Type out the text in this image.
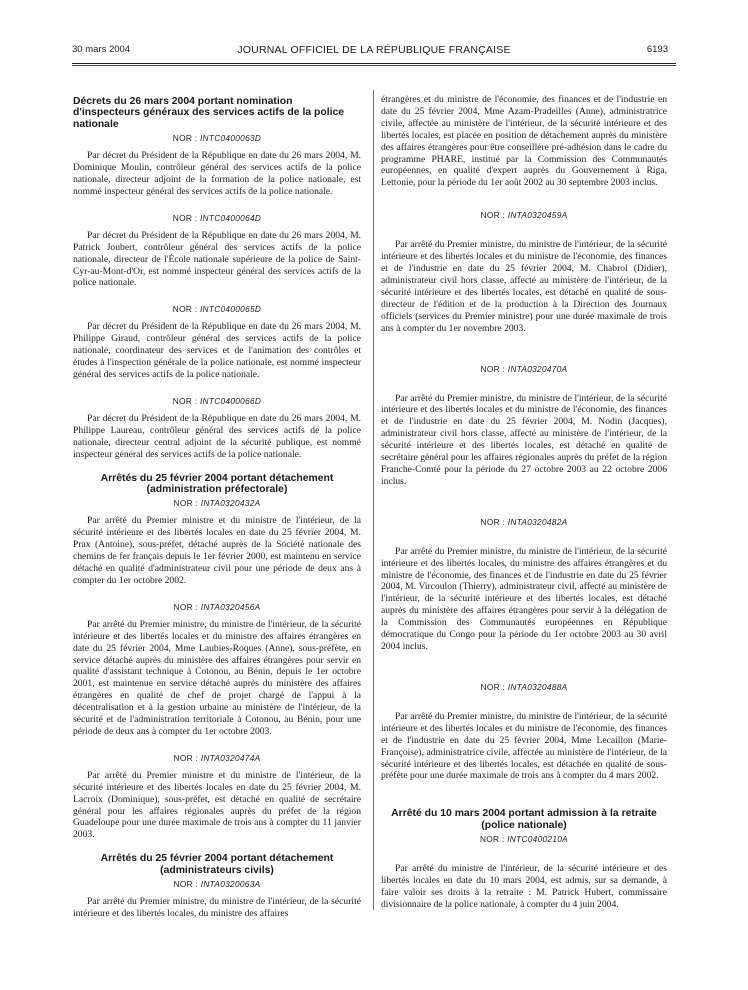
30 mars 2004	JOURNAL OFFICIEL DE LA RÉPUBLIQUE FRANÇAISE	6193

Décrets du 26 mars 2004 portant nomination d'inspecteurs généraux des services actifs de la police nationale

NOR : INTC0400063D

Par décret du Président de la République en date du 26 mars 2004, M. Dominique Moulin, contrôleur général des services actifs de la police nationale, directeur adjoint de la formation de la police nationale, est nommé inspecteur général des services actifs de la police nationale.

NOR : INTC0400064D

Par décret du Président de la République en date du 26 mars 2004, M. Patrick Joubert, contrôleur général des services actifs de la police nationale, directeur de l'École nationale supérieure de la police de Saint-Cyr-au-Mont-d'Or, est nommé inspecteur général des services actifs de la police nationale.

NOR : INTC0400065D

Par décret du Président de la République en date du 26 mars 2004, M. Philippe Giraud, contrôleur général des services actifs de la police nationale, coordinateur des services et de l'animation des contrôles et études à l'inspection générale de la police nationale, est nommé inspecteur général des services actifs de la police nationale.

NOR : INTC0400066D

Par décret du Président de la République en date du 26 mars 2004, M. Philippe Laureau, contrôleur général des services actifs de la police nationale, directeur central adjoint de la sécurité publique, est nommé inspecteur général des services actifs de la police nationale.

Arrêtés du 25 février 2004 portant détachement

(administration préfectorale)

NOR : INTA0320432A

Par arrêté du Premier ministre et du ministre de l'intérieur, de la sécurité intérieure et des libertés locales en date du 25 février 2004, M. Prax (Antoine), sous-préfet, détaché auprès de la Société nationale des chemins de fer français depuis le 1er février 2000, est maintenu en service détaché en qualité d'administrateur civil pour une période de deux ans à compter du 1er octobre 2002.

NOR : INTA0320456A

Par arrêté du Premier ministre, du ministre de l'intérieur, de la sécurité intérieure et des libertés locales et du ministre des affaires étrangères en date du 25 février 2004, Mme Laubies-Roques (Anne), sous-préfète, en service détaché auprès du ministère des affaires étrangères pour servir en qualité d'assistant technique à Cotonou, au Bénin, depuis le 1er octobre 2001, est maintenue en service détaché auprès du ministère des affaires étrangères en qualité de chef de projet chargé de l'appui à la décentralisation et à la gestion urbaine au ministère de l'intérieur, de la sécurité et de l'administration territoriale à Cotonou, au Bénin, pour une période de deux ans à compter du 1er octobre 2003.

NOR : INTA0320474A

Par arrêté du Premier ministre et du ministre de l'intérieur, de la sécurité intérieure et des libertés locales en date du 25 février 2004, M. Lacroix (Dominique), sous-préfet, est détaché en qualité de secrétaire général pour les affaires régionales auprès du préfet de la région Guadeloupe pour une durée maximale de trois ans à compter du 11 janvier 2003.

Arrêtés du 25 février 2004 portant détachement

(administrateurs civils)

NOR : INTA0320063A

Par arrêté du Premier ministre, du ministre de l'intérieur, de la sécurité intérieure et des libertés locales, du ministre des affaires

étrangères et du ministre de l'économie, des finances et de l'industrie en date du 25 février 2004, Mme Azam-Pradeilles (Anne), administratrice civile, affectée au ministère de l'intérieur, de la sécurité intérieure et des libertés locales, est placée en position de détachement auprès du ministère des affaires étrangères pour être conseillère pré-adhésion dans le cadre du programme PHARE, institué par la Commission des Communautés européennes, en qualité d'expert auprès du Gouvernement à Riga, Lettonie, pour la période du 1er août 2002 au 30 septembre 2003 inclus.

NOR : INTA0320459A

Par arrêté du Premier ministre, du ministre de l'intérieur, de la sécurité intérieure et des libertés locales et du ministre de l'économie, des finances et de l'industrie en date du 25 février 2004, M. Chabrol (Didier), administrateur civil hors classe, affecté au ministère de l'intérieur, de la sécurité intérieure et des libertés locales, est détaché en qualité de sous-directeur de l'édition et de la production à la Direction des Journaux officiels (services du Premier ministre) pour une durée maximale de trois ans à compter du 1er novembre 2003.

NOR : INTA0320470A

Par arrêté du Premier ministre, du ministre de l'intérieur, de la sécurité intérieure et des libertés locales et du ministre de l'économie, des finances et de l'industrie en date du 25 février 2004, M. Nodin (Jacques), administrateur civil hors classe, affecté au ministère de l'intérieur, de la sécurité intérieure et des libertés locales, est détaché en qualité de secrétaire général pour les affaires régionales auprès du préfet de la région Franche-Comté pour la période du 27 octobre 2003 au 22 octobre 2006 inclus.

NOR : INTA0320482A

Par arrêté du Premier ministre, du ministre de l'intérieur, de la sécurité intérieure et des libertés locales, du ministre des affaires étrangères et du ministre de l'économie, des finances et de l'industrie en date du 25 février 2004, M. Vircoulon (Thierry), administrateur civil, affecté au ministère de l'intérieur, de la sécurité intérieure et des libertés locales, est détaché auprès du ministère des affaires étrangères pour servir à la délégation de la Commission des Communautés européennes en République démocratique du Congo pour la période du 1er octobre 2003 au 30 avril 2004 inclus.

NOR : INTA0320488A

Par arrêté du Premier ministre, du ministre de l'intérieur, de la sécurité intérieure et des libertés locales et du ministre de l'économie, des finances et de l'industrie en date du 25 février 2004, Mme Lecaillon (Marie-Françoise), administratrice civile, affectée au ministère de l'intérieur, de la sécurité intérieure et des libertés locales, est détachée en qualité de sous-préfète pour une durée maximale de trois ans à compter du 4 mars 2002.

Arrêté du 10 mars 2004 portant admission à la retraite

(police nationale)

NOR : INTC0400210A

Par arrêté du ministre de l'intérieur, de la sécurité intérieure et des libertés locales en date du 10 mars 2004, est admis, sur sa demande, à faire valoir ses droits à la retraite : M. Patrick Hubert, commissaire divisionnaire de la police nationale, à compter du 4 juin 2004.
